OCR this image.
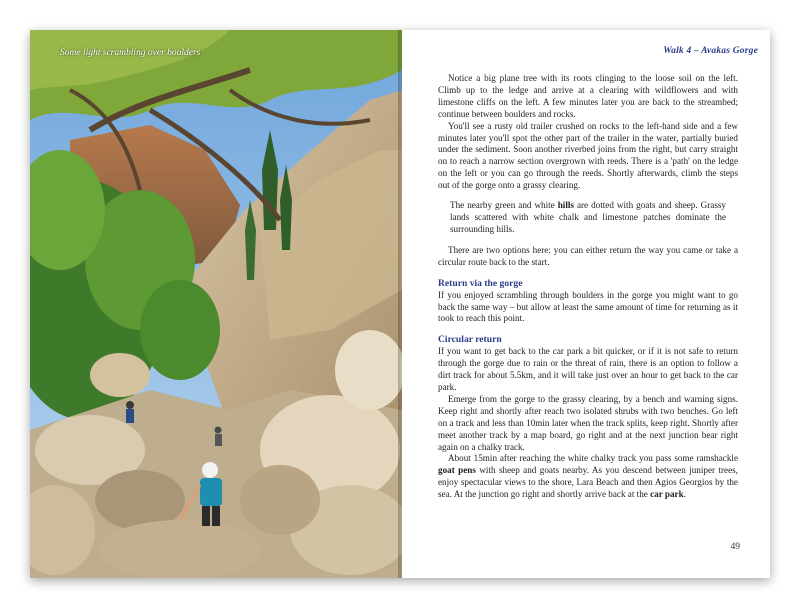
Some light scrambling over boulders	Walk 4 – Avakas Gorge

Notice a big plane tree with its roots clinging to the loose soil on the left. Climb up to the ledge and arrive at a clearing with wildflowers and with limestone cliffs on the left. A few minutes later you are back to the streambed; continue between boulders and rocks.

You'll see a rusty old trailer crushed on rocks to the left-hand side and a few minutes later you'll spot the other part of the trailer in the water, partially buried under the sediment. Soon another riverbed joins from the right, but carry straight on to reach a narrow section overgrown with reeds. There is a 'path' on the ledge on the left or you can go through the reeds. Shortly afterwards, climb the steps out of the gorge onto a grassy clearing.

The nearby green and white hills are dotted with goats and sheep. Grassy lands scattered with white chalk and limestone patches dominate the surrounding hills.

There are two options here: you can either return the way you came or take a circular route back to the start.

Return via the gorge

If you enjoyed scrambling through boulders in the gorge you might want to go back the same way – but allow at least the same amount of time for returning as it took to reach this point.

Circular return

If you want to get back to the car park a bit quicker, or if it is not safe to return through the gorge due to rain or the threat of rain, there is an option to follow a dirt track for about 5.5km, and it will take just over an hour to get back to the car park.

Emerge from the gorge to the grassy clearing, by a bench and warning signs. Keep right and shortly after reach two isolated shrubs with two benches. Go left on a track and less than 10min later when the track splits, keep right. Shortly after meet another track by a map board, go right and at the next junction bear right again on a chalky track.

About 15min after reaching the white chalky track you pass some ramshackle goat pens with sheep and goats nearby. As you descend between juniper trees, enjoy spectacular views to the shore, Lara Beach and then Agios Georgios by the sea. At the junction go right and shortly arrive back at the car park.

49
